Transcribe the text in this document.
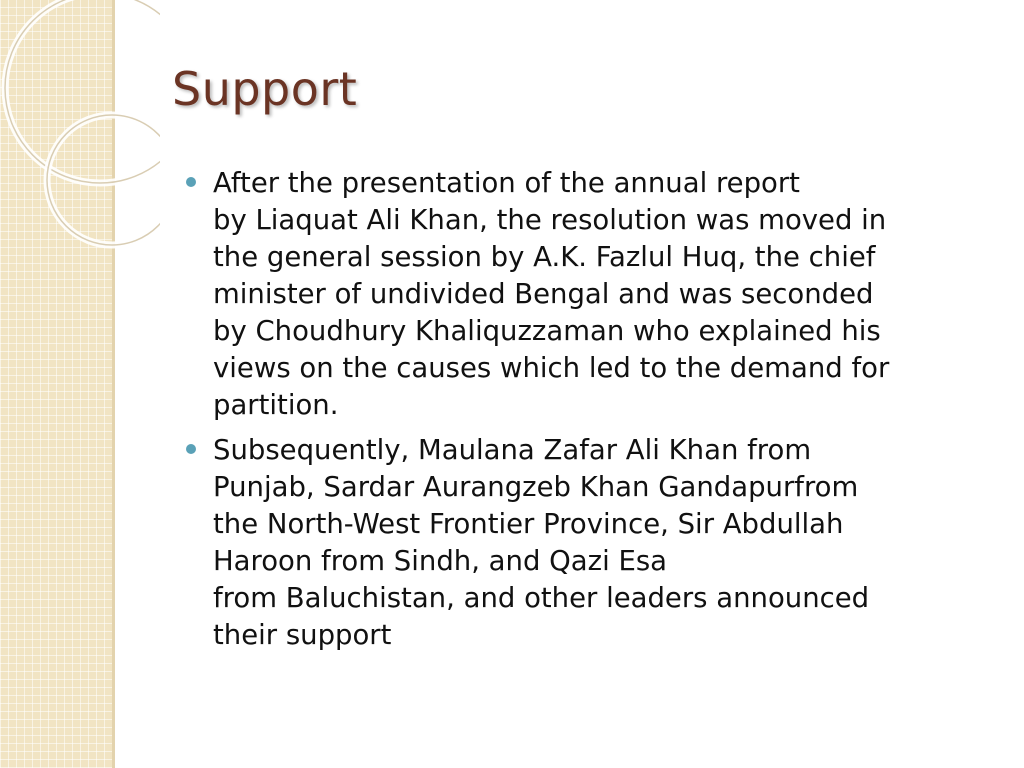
Support
After the presentation of the annual report
by Liaquat Ali Khan, the resolution was moved in
the general session by A.K. Fazlul Huq, the chief
minister of undivided Bengal and was seconded
by Choudhury Khaliquzzaman who explained his
views on the causes which led to the demand for
partition.
Subsequently, Maulana Zafar Ali Khan from
Punjab, Sardar Aurangzeb Khan Gandapurfrom
the North-West Frontier Province, Sir Abdullah
Haroon from Sindh, and Qazi Esa
from Baluchistan, and other leaders announced
their support
